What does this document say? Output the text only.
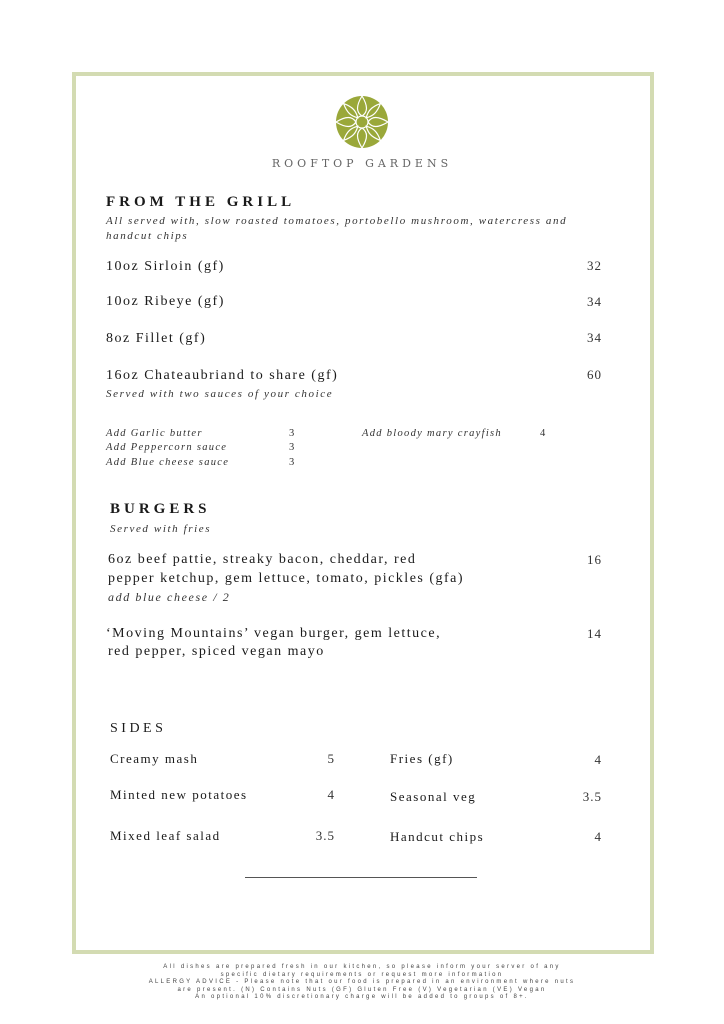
ROOFTOP GARDENS
FROM THE GRILL
All served with, slow roasted tomatoes, portobello mushroom, watercress and handcut chips
10oz Sirloin (gf)	32
10oz Ribeye (gf)	34
8oz Fillet (gf)	34
16oz Chateaubriand to share (gf)	60
Served with two sauces of your choice
Add Garlic butter	3
Add Peppercorn sauce	3
Add Blue cheese sauce	3
Add bloody mary crayfish	4
BURGERS
Served with fries
6oz beef pattie, streaky bacon, cheddar, red
pepper ketchup, gem lettuce, tomato, pickles (gfa)
add blue cheese / 2
16
‘Moving Mountains’ vegan burger, gem lettuce,
red pepper, spiced vegan mayo
14
SIDES
Creamy mash	5
Minted new potatoes	4
Mixed leaf salad	3.5
Fries (gf)	4
Seasonal veg	3.5
Handcut chips	4
All dishes are prepared fresh in our kitchen, so please inform your server of any
specific dietary requirements or request more information
ALLERGY ADVICE - Please note that our food is prepared in an environment where nuts
are present. (N) Contains Nuts (GF) Gluten Free (V) Vegetarian (VE) Vegan
An optional 10% discretionary charge will be added to groups of 8+.
